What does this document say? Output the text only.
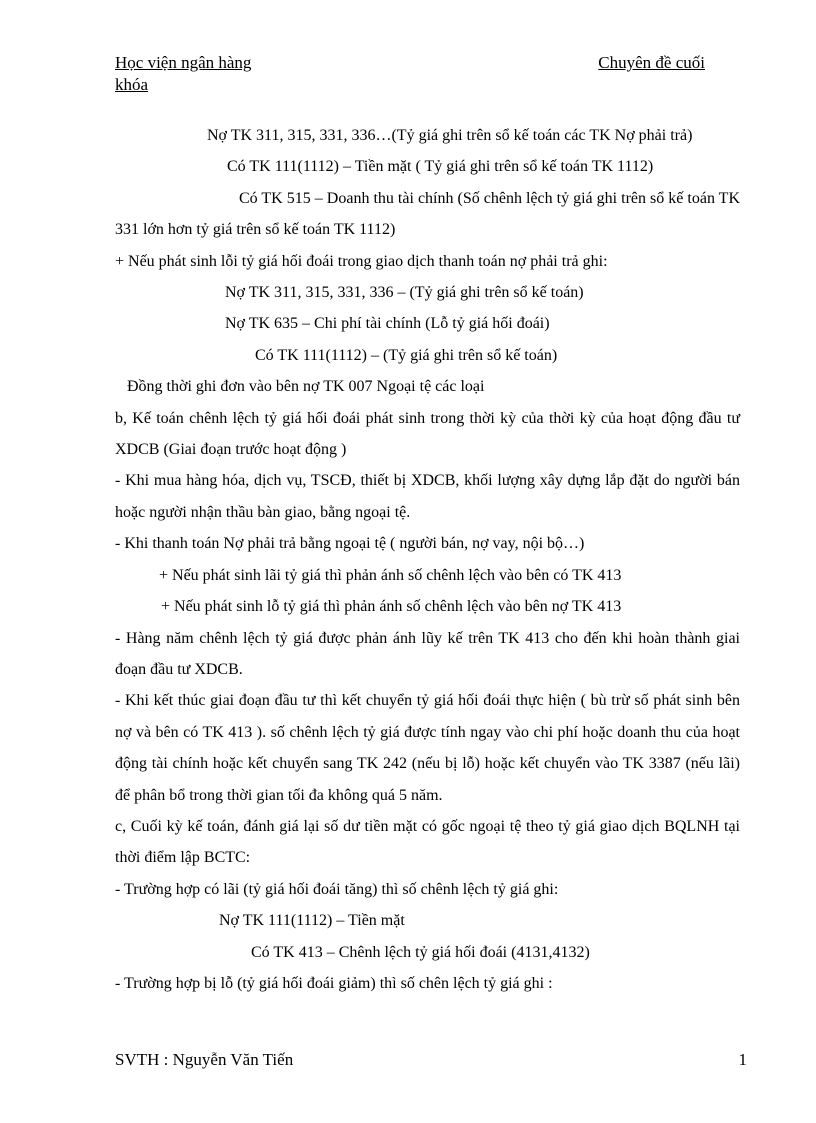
Học viện ngân hàng	Chuyên đề cuối
khóa

Nợ TK 311, 315, 331, 336…(Tỷ giá ghi trên sổ kế toán các TK Nợ phải trả)

Có TK 111(1112) – Tiền mặt ( Tỷ giá ghi trên sổ kế toán TK 1112)

Có TK 515 – Doanh thu tài chính (Số chênh lệch tỷ giá ghi trên sổ kế toán TK 331 lớn hơn tỷ giá trên sổ kế toán TK 1112)

+ Nếu phát sinh lỗi tỷ giá hối đoái trong giao dịch thanh toán nợ phải trả ghi:

Nợ TK 311, 315, 331, 336 – (Tỷ giá ghi trên sổ kế toán)

Nợ TK 635 – Chi phí tài chính (Lỗ tỷ giá hối đoái)

Có TK 111(1112) – (Tỷ giá ghi trên sổ kế toán)

Đồng thời ghi đơn vào bên nợ TK 007 Ngoại tệ các loại

b, Kế toán chênh lệch tỷ giá hối đoái phát sinh trong thời kỳ của thời kỳ của hoạt động đầu tư XDCB (Giai đoạn trước hoạt động )

- Khi mua hàng hóa, dịch vụ, TSCĐ, thiết bị XDCB, khối lượng xây dựng lắp đặt do người bán hoặc người nhận thầu bàn giao, bằng ngoại tệ.

- Khi thanh toán Nợ phải trả bằng ngoại tệ ( người bán, nợ vay, nội bộ…)

+ Nếu phát sinh lãi tỷ giá thì phản ánh số chênh lệch vào bên có TK 413

+ Nếu phát sinh lỗ tỷ giá thì phản ánh số chênh lệch vào bên nợ TK 413

- Hàng năm chênh lệch tỷ giá được phản ánh lũy kế trên TK 413 cho đến khi hoàn thành giai đoạn đầu tư XDCB.

- Khi kết thúc giai đoạn đầu tư thì kết chuyển tỷ giá hối đoái thực hiện ( bù trừ số phát sinh bên nợ và bên có TK 413 ). số chênh lệch tỷ giá được tính ngay vào chi phí hoặc doanh thu của hoạt động tài chính hoặc kết chuyển sang TK 242 (nếu bị lỗ) hoặc kết chuyển vào TK 3387 (nếu lãi) để phân bổ trong thời gian tối đa không quá 5 năm.

c, Cuối kỳ kế toán, đánh giá lại số dư tiền mặt có gốc ngoại tệ theo tỷ giá giao dịch BQLNH tại thời điểm lập BCTC:

- Trường hợp có lãi (tỷ giá hối đoái tăng) thì số chênh lệch tỷ giá ghi:

Nợ TK 111(1112) – Tiền mặt

Có TK 413 – Chênh lệch tỷ giá hối đoái (4131,4132)

- Trường hợp bị lỗ (tỷ giá hối đoái giảm) thì số chên lệch tỷ giá ghi :

SVTH : Nguyễn Văn Tiến	1
